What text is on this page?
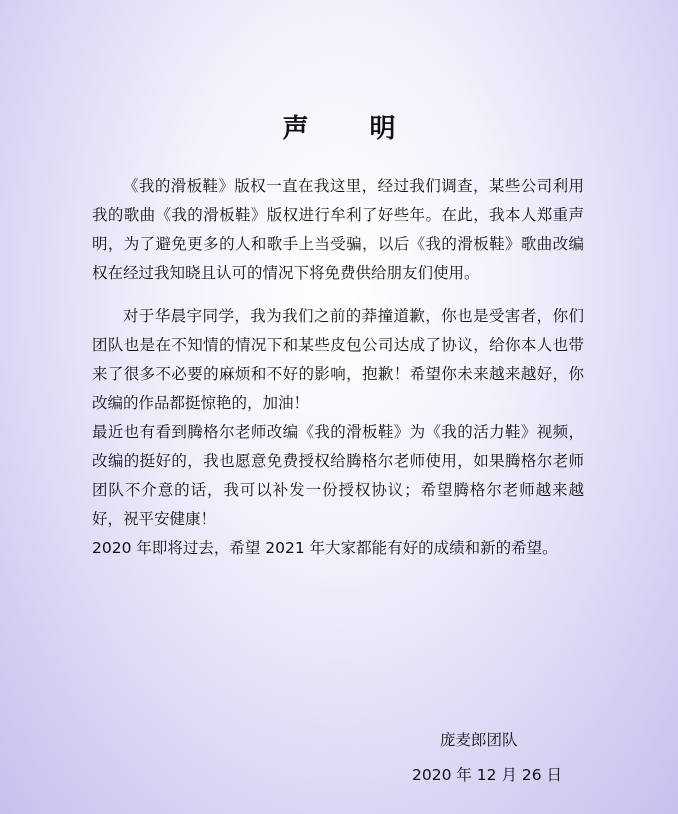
声 明

《我的滑板鞋》版权一直在我这里，经过我们调查，某些公司利用我的歌曲《我的滑板鞋》版权进行牟利了好些年。在此，我本人郑重声明，为了避免更多的人和歌手上当受骗，以后《我的滑板鞋》歌曲改编权在经过我知晓且认可的情况下将免费供给朋友们使用。

对于华晨宇同学，我为我们之前的莽撞道歉，你也是受害者，你们团队也是在不知情的情况下和某些皮包公司达成了协议，给你本人也带来了很多不必要的麻烦和不好的影响，抱歉！希望你未来越来越好，你改编的作品都挺惊艳的，加油！

最近也有看到腾格尔老师改编《我的滑板鞋》为《我的活力鞋》视频，改编的挺好的，我也愿意免费授权给腾格尔老师使用，如果腾格尔老师团队不介意的话，我可以补发一份授权协议；希望腾格尔老师越来越好，祝平安健康！

2020 年即将过去，希望 2021 年大家都能有好的成绩和新的希望。

庞麦郎团队
2020 年 12 月 26 日
